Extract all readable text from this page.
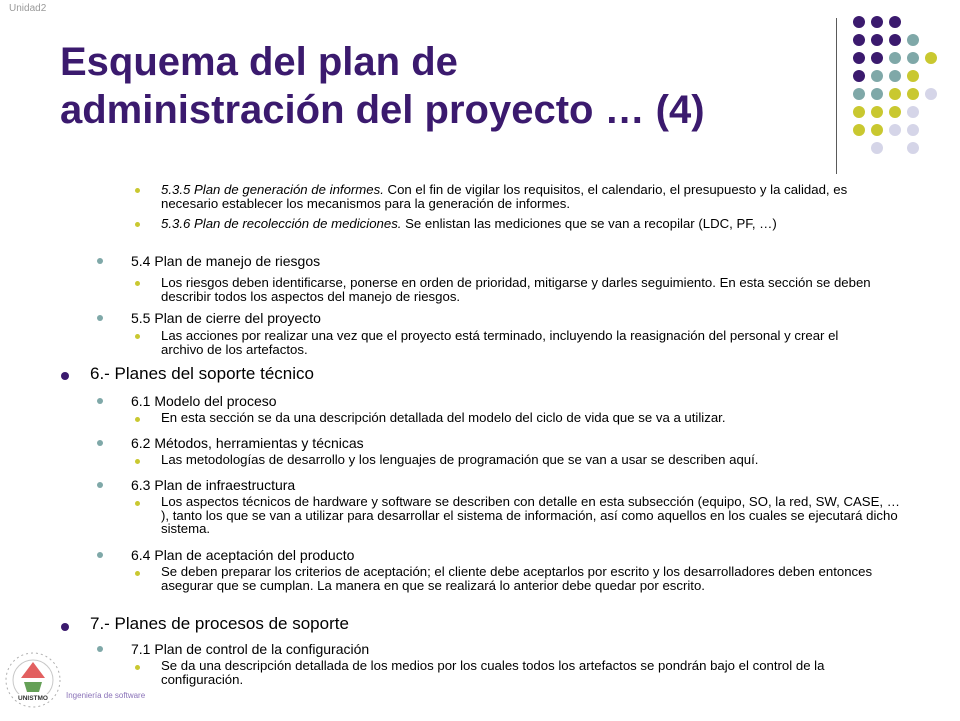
Unidad2
Esquema del plan de
administración del proyecto … (4)
5.3.5 Plan de generación de informes. Con el fin de vigilar los requisitos, el calendario, el presupuesto y la calidad, es necesario establecer los mecanismos para la generación de informes.
5.3.6 Plan de recolección de mediciones. Se enlistan las mediciones que se van a recopilar (LDC, PF, …)
5.4 Plan de manejo de riesgos
Los riesgos deben identificarse, ponerse en orden de prioridad, mitigarse y darles seguimiento. En esta sección se deben describir todos los aspectos del manejo de riesgos.
5.5 Plan de cierre del proyecto
Las acciones por realizar una vez que el proyecto está terminado, incluyendo la reasignación del personal y crear el archivo de los artefactos.
6.- Planes del soporte técnico
6.1 Modelo del proceso
En esta sección se da una descripción detallada del modelo del ciclo de vida que se va a utilizar.
6.2 Métodos, herramientas y técnicas
Las metodologías de desarrollo y los lenguajes de programación que se van a usar se describen aquí.
6.3 Plan de infraestructura
Los aspectos técnicos de hardware y software se describen con detalle en esta subsección (equipo, SO, la red, SW, CASE, … ), tanto los que se van a utilizar para desarrollar el sistema de información, así como aquellos en los cuales se ejecutará dicho sistema.
6.4 Plan de aceptación del producto
Se deben preparar los criterios de aceptación; el cliente debe aceptarlos por escrito y los desarrolladores deben entonces asegurar que se cumplan. La manera en que se realizará lo anterior debe quedar por escrito.
7.- Planes de procesos de soporte
7.1 Plan de control de la configuración
Se da una descripción detallada de los medios por los cuales todos los artefactos se pondrán bajo el control de la configuración.
UNISTMO Ingeniería de software
